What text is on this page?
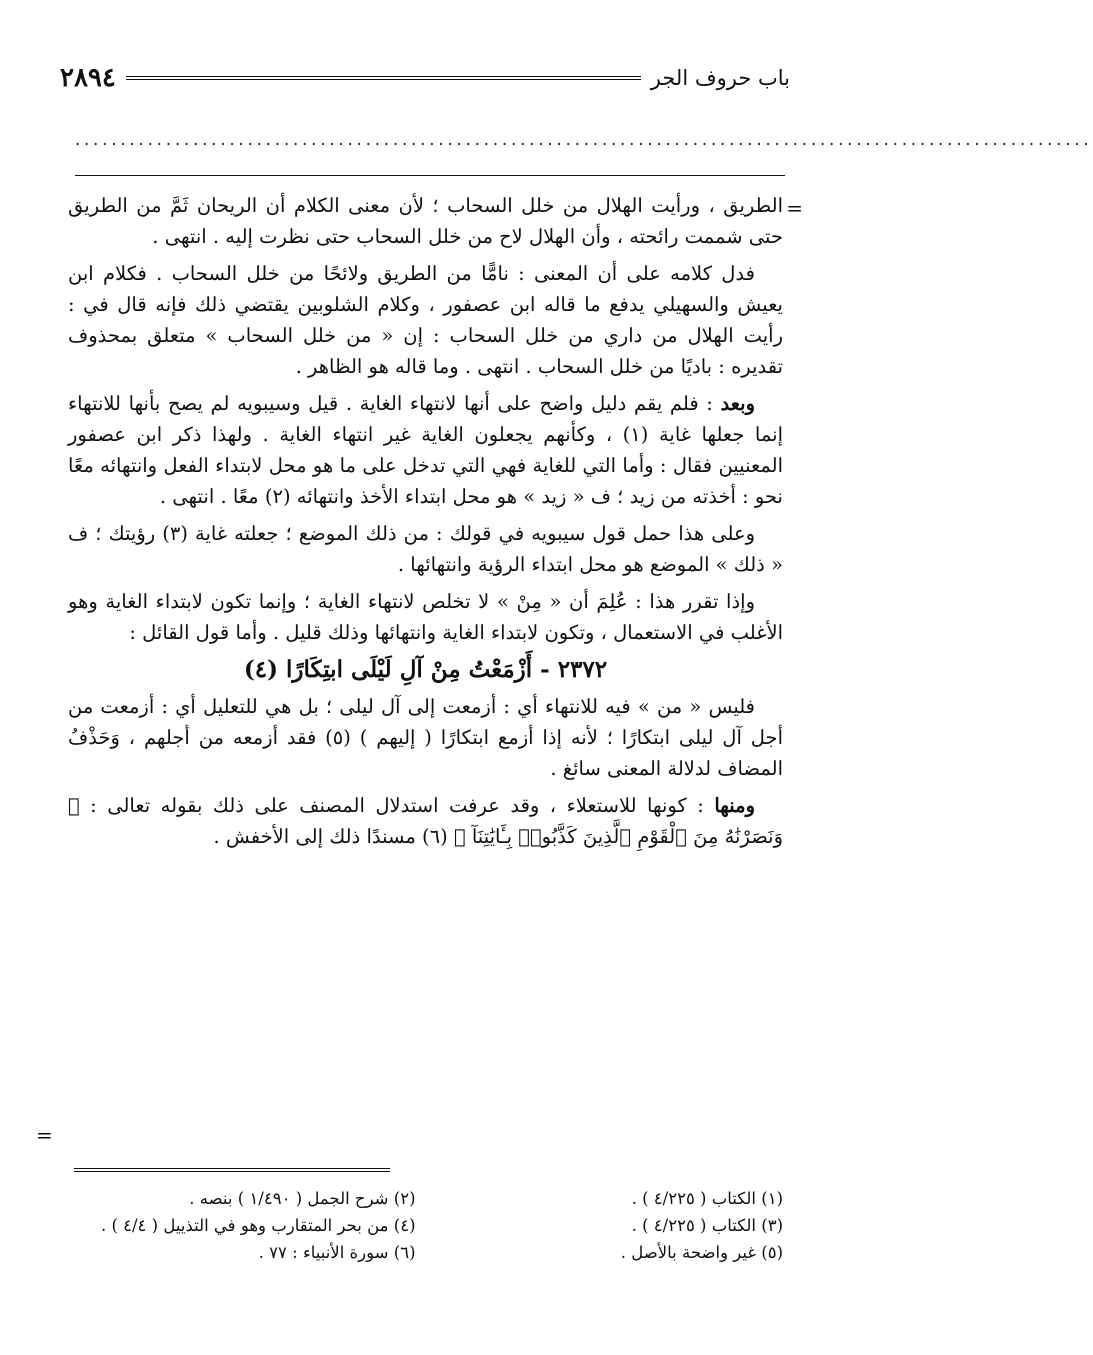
باب حروف الجر
٢٨٩٤
................................................................................................................
=

الطريق ، ورأيت الهلال من خلل السحاب ؛ لأن معنى الكلام أن الريحان ثَمَّ من الطريق حتى شممت رائحته ، وأن الهلال لاح من خلل السحاب حتى نظرت إليه . انتهى .

فدل كلامه على أن المعنى : نامًّا من الطريق ولائحًا من خلل السحاب . فكلام ابن يعيش والسهيلي يدفع ما قاله ابن عصفور ، وكلام الشلوبين يقتضي ذلك فإنه قال في : رأيت الهلال من داري من خلل السحاب : إن « من خلل السحاب » متعلق بمحذوف تقديره : باديًا من خلل السحاب . انتهى . وما قاله هو الظاهر .

وبعد : فلم يقم دليل واضح على أنها لانتهاء الغاية . قيل وسيبويه لم يصح بأنها للانتهاء إنما جعلها غاية (١) ، وكأنهم يجعلون الغاية غير انتهاء الغاية . ولهذا ذكر ابن عصفور المعنيين فقال : وأما التي للغاية فهي التي تدخل على ما هو محل لابتداء الفعل وانتهائه معًا نحو : أخذته من زيد ؛ ف « زيد » هو محل ابتداء الأخذ وانتهائه (٢) معًا . انتهى .

وعلى هذا حمل قول سيبويه في قولك : من ذلك الموضع ؛ جعلته غاية (٣) رؤيتك ؛ ف « ذلك » الموضع هو محل ابتداء الرؤية وانتهائها .

وإذا تقرر هذا : عُلِمَ أن « مِنْ » لا تخلص لانتهاء الغاية ؛ وإنما تكون لابتداء الغاية وهو الأغلب في الاستعمال ، وتكون لابتداء الغاية وانتهائها وذلك قليل . وأما قول القائل :

٢٣٧٢ - أَزْمَعْتُ مِنْ آلِ لَيْلَى ابتِكَارًا (٤)

فليس « من » فيه للانتهاء أي : أزمعت إلى آل ليلى ؛ بل هي للتعليل أي : أزمعت من أجل آل ليلى ابتكارًا ؛ لأنه إذا أزمع ابتكارًا ( إليهم ) (٥) فقد أزمعه من أجلهم ، وَحَذْفُ المضاف لدلالة المعنى سائغ .

ومنها : كونها للاستعلاء ، وقد عرفت استدلال المصنف على ذلك بقوله تعالى : ﴿ وَنَصَرْنَٰهُ مِنَ ٱلْقَوْمِ ٱلَّذِينَ كَذَّبُوا۟ بِـَٔايَٰتِنَآ ﴾ (٦) مسندًا ذلك إلى الأخفش .

=
(١) الكتاب ( ٤/٢٢٥ ) .
(٢) شرح الجمل ( ١/٤٩٠ ) بنصه .
(٣) الكتاب ( ٤/٢٢٥ ) .
(٤) من بحر المتقارب وهو في التذييل ( ٤/٤ ) .
(٥) غير واضحة بالأصل .
(٦) سورة الأنبياء : ٧٧ .
